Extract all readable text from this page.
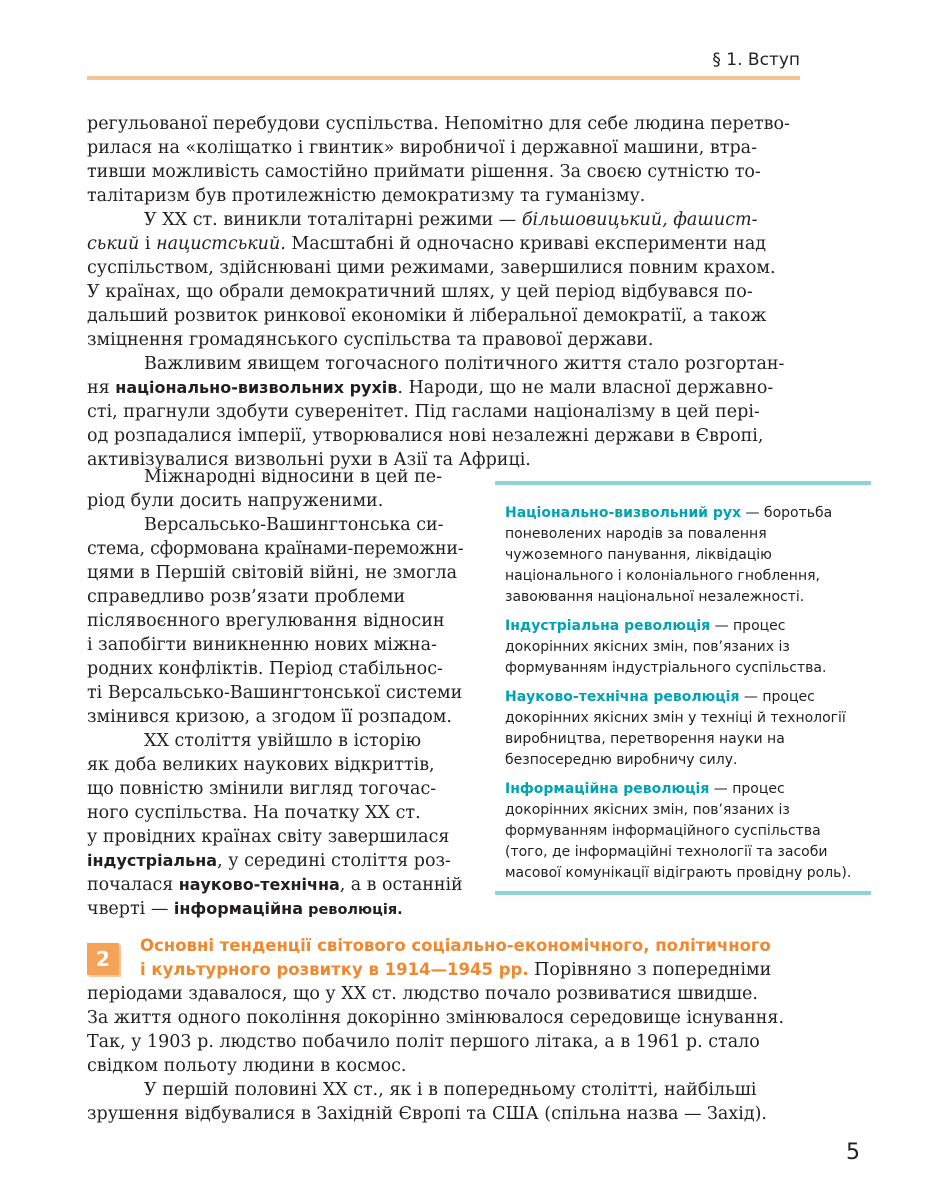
§ 1. Вступ
регульованої перебудови суспільства. Непомітно для себе людина перетво-
рилася на «коліщатко і гвинтик» виробничої і державної машини, втра-
тивши можливість самостійно приймати рішення. За своєю сутністю то-
талітаризм був протилежністю демократизму та гуманізму.
У XX ст. виникли тоталітарні режими — більшовицький, фашист-
ський і нацистський. Масштабні й одночасно криваві експерименти над
суспільством, здійснювані цими режимами, завершилися повним крахом.
У країнах, що обрали демократичний шлях, у цей період відбувався по-
дальший розвиток ринкової економіки й ліберальної демократії, а також
зміцнення громадянського суспільства та правової держави.
Важливим явищем тогочасного політичного життя стало розгортан-
ня національно-визвольних рухів. Народи, що не мали власної державно-
сті, прагнули здобути суверенітет. Під гаслами націоналізму в цей пері-
од розпадалися імперії, утворювалися нові незалежні держави в Європі,
активізувалися визвольні рухи в Азії та Африці.
Міжнародні відносини в цей пе-
ріод були досить напруженими.
Версальсько-Вашингтонська си-
стема, сформована країнами-переможни-
цями в Першій світовій війні, не змогла
справедливо розв’язати проблеми
післявоєнного врегулювання відносин
і запобігти виникненню нових міжна-
родних конфліктів. Період стабільнос-
ті Версальсько-Вашингтонської системи
змінився кризою, а згодом її розпадом.
XX століття увійшло в історію
як доба великих наукових відкриттів,
що повністю змінили вигляд тогочас-
ного суспільства. На початку XX ст.
у провідних країнах світу завершилася
індустріальна, у середині століття роз-
почалася науково-технічна, а в останній
чверті — інформаційна революція.

Національно-визвольний рух — боротьба поневолених народів за повалення чужоземного панування, ліквідацію національного і колоніального гноблення, завоювання національної незалежності.

Індустріальна революція — процес докорінних якісних змін, пов’язаних із формуванням індустріального суспільства.

Науково-технічна революція — процес докорінних якісних змін у техніці й технології виробництва, перетворення науки на безпосередню виробничу силу.

Інформаційна революція — процес докорінних якісних змін, пов’язаних із формуванням інформаційного суспільства (того, де інформаційні технології та засоби масової комунікації відіграють провідну роль).

2
Основні тенденції світового соціально-економічного, політичного
і культурного розвитку в 1914—1945 рр. Порівняно з попередніми
періодами здавалося, що у XX ст. людство почало розвиватися швидше.
За життя одного покоління докорінно змінювалося середовище існування.
Так, у 1903 р. людство побачило політ першого літака, а в 1961 р. стало
свідком польоту людини в космос.
У першій половині XX ст., як і в попередньому столітті, найбільші
зрушення відбувалися в Західній Європі та США (спільна назва — Захід).
5
